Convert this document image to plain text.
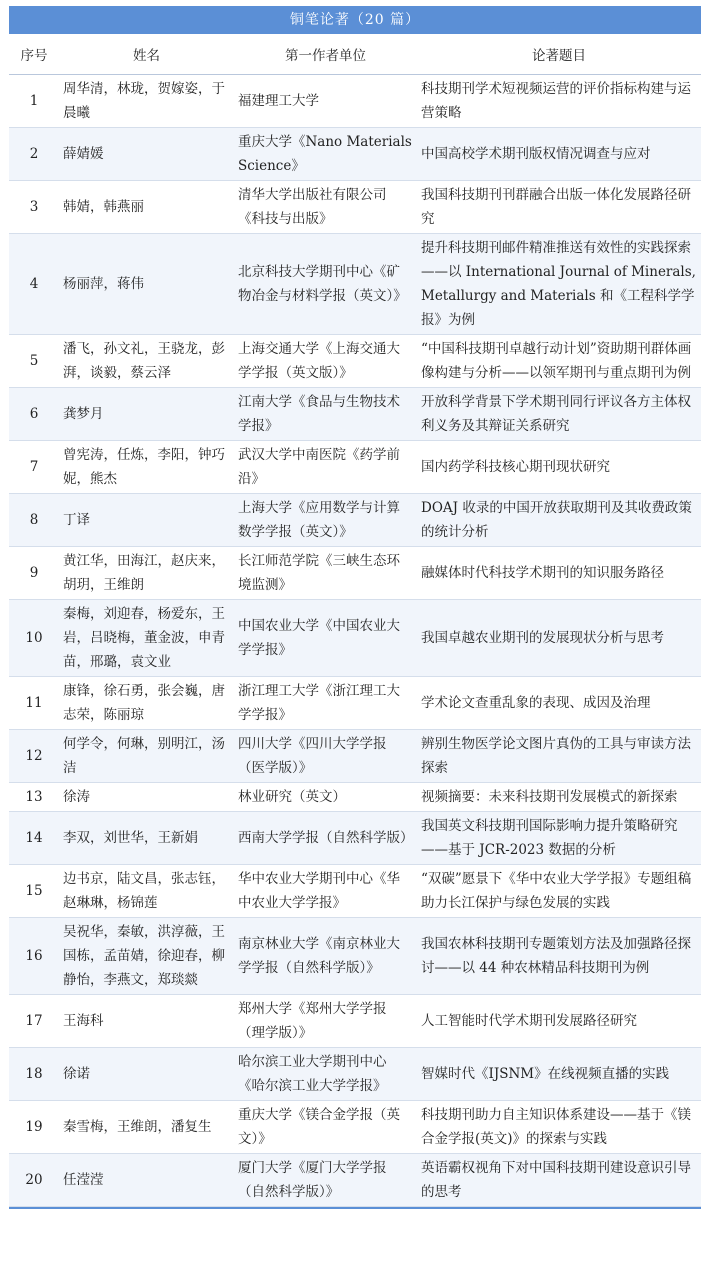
铜笔论著（20 篇）
序号	姓名	第一作者单位	论著题目
1	周华清，林珑，贺嫁姿，于晨曦	福建理工大学	科技期刊学术短视频运营的评价指标构建与运营策略
2	薛婧媛	重庆大学《Nano Materials Science》	中国高校学术期刊版权情况调查与应对
3	韩婧，韩燕丽	清华大学出版社有限公司《科技与出版》	我国科技期刊刊群融合出版一体化发展路径研究
4	杨丽萍，蒋伟	北京科技大学期刊中心《矿物冶金与材料学报（英文）》	提升科技期刊邮件精准推送有效性的实践探索——以 International Journal of Minerals, Metallurgy and Materials 和《工程科学学报》为例
5	潘飞，孙文礼，王骁龙，彭湃，谈毅，蔡云泽	上海交通大学《上海交通大学学报（英文版）》	“中国科技期刊卓越行动计划”资助期刊群体画像构建与分析——以领军期刊与重点期刊为例
6	龚梦月	江南大学《食品与生物技术学报》	开放科学背景下学术期刊同行评议各方主体权利义务及其辩证关系研究
7	曾宪涛，任炼，李阳，钟巧妮，熊杰	武汉大学中南医院《药学前沿》	国内药学科技核心期刊现状研究
8	丁译	上海大学《应用数学与计算数学学报（英文）》	DOAJ 收录的中国开放获取期刊及其收费政策的统计分析
9	黄江华，田海江，赵庆来，胡玥，王维朗	长江师范学院《三峡生态环境监测》	融媒体时代科技学术期刊的知识服务路径
10	秦梅，刘迎春，杨爱东，王岩，吕晓梅，董金波，申青苗，邢璐，袁文业	中国农业大学《中国农业大学学报》	我国卓越农业期刊的发展现状分析与思考
11	康锋，徐石勇，张会巍，唐志荣，陈丽琼	浙江理工大学《浙江理工大学学报》	学术论文查重乱象的表现、成因及治理
12	何学令，何琳，别明江，汤洁	四川大学《四川大学学报（医学版）》	辨别生物医学论文图片真伪的工具与审读方法探索
13	徐涛	林业研究（英文）	视频摘要：未来科技期刊发展模式的新探索
14	李双，刘世华，王新娟	西南大学学报（自然科学版）	我国英文科技期刊国际影响力提升策略研究——基于 JCR-2023 数据的分析
15	边书京，陆文昌，张志钰，赵琳琳，杨锦莲	华中农业大学期刊中心《华中农业大学学报》	“双碳”愿景下《华中农业大学学报》专题组稿助力长江保护与绿色发展的实践
16	吴祝华，秦敏，洪淳薇，王国栋，孟苗婧，徐迎春，柳静怡，李燕文，郑琰燚	南京林业大学《南京林业大学学报（自然科学版）》	我国农林科技期刊专题策划方法及加强路径探讨——以 44 种农林精品科技期刊为例
17	王海科	郑州大学《郑州大学学报（理学版）》	人工智能时代学术期刊发展路径研究
18	徐诺	哈尔滨工业大学期刊中心《哈尔滨工业大学学报》	智媒时代《IJSNM》在线视频直播的实践
19	秦雪梅，王维朗，潘复生	重庆大学《镁合金学报（英文）》	科技期刊助力自主知识体系建设——基于《镁合金学报(英文)》的探索与实践
20	任滢滢	厦门大学《厦门大学学报（自然科学版）》	英语霸权视角下对中国科技期刊建设意识引导的思考
